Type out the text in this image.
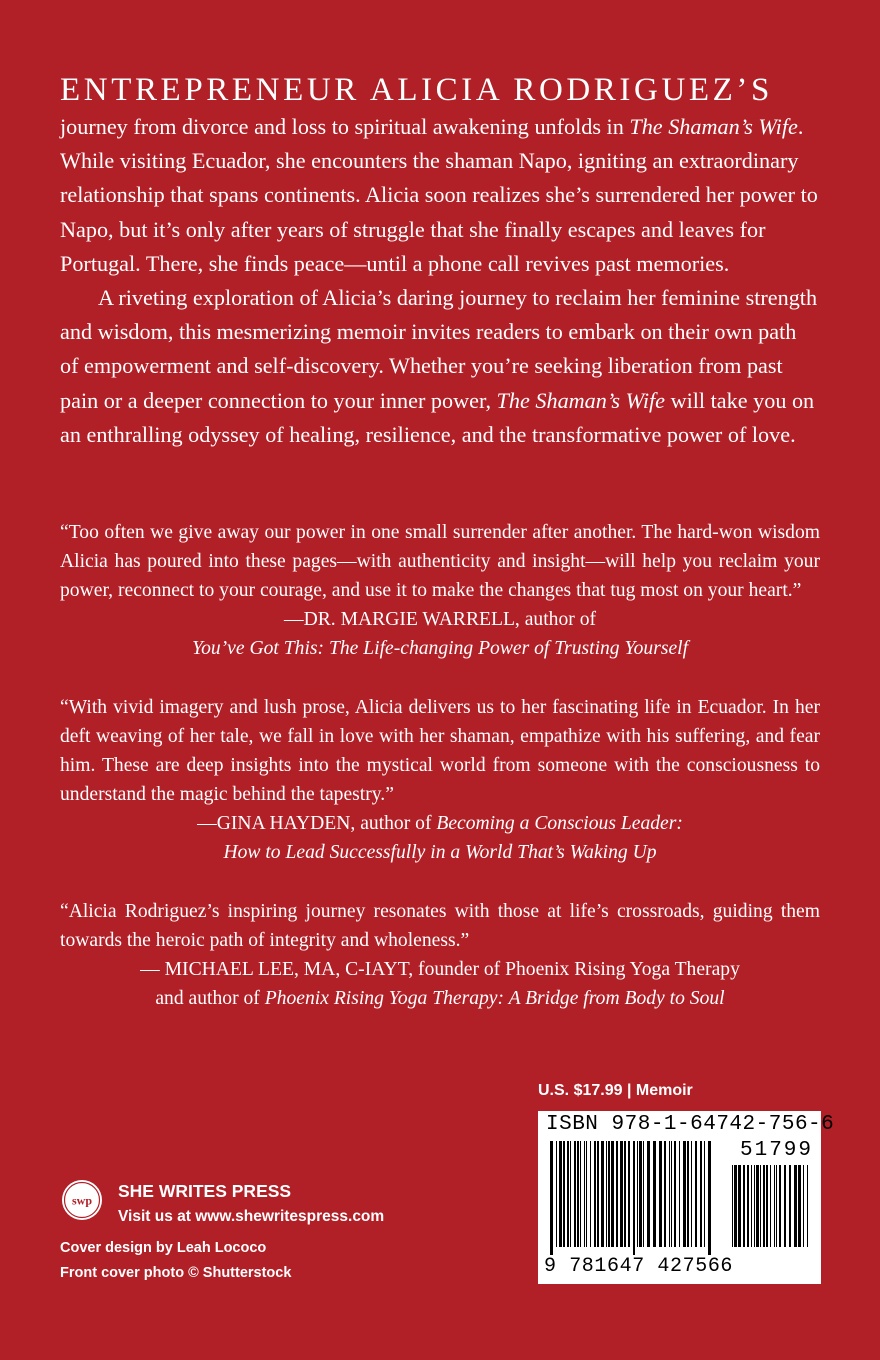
ENTREPRENEUR ALICIA RODRIGUEZ’S

journey from divorce and loss to spiritual awakening unfolds in The Shaman’s Wife. While visiting Ecuador, she encounters the shaman Napo, igniting an extraordinary relationship that spans continents. Alicia soon realizes she’s surrendered her power to Napo, but it’s only after years of struggle that she finally escapes and leaves for Portugal. There, she finds peace—until a phone call revives past memories.

A riveting exploration of Alicia’s daring journey to reclaim her feminine strength and wisdom, this mesmerizing memoir invites readers to embark on their own path of empowerment and self-discovery. Whether you’re seeking liberation from past pain or a deeper connection to your inner power, The Shaman’s Wife will take you on an enthralling odyssey of healing, resilience, and the transformative power of love.

“Too often we give away our power in one small surrender after another. The hard-won wisdom Alicia has poured into these pages—with authenticity and insight—will help you reclaim your power, reconnect to your courage, and use it to make the changes that tug most on your heart.”
—DR. MARGIE WARRELL, author of
You’ve Got This: The Life-changing Power of Trusting Yourself
“With vivid imagery and lush prose, Alicia delivers us to her fascinating life in Ecuador. In her deft weaving of her tale, we fall in love with her shaman, empathize with his suffering, and fear him. These are deep insights into the mystical world from someone with the consciousness to understand the magic behind the tapestry.”
—GINA HAYDEN, author of Becoming a Conscious Leader:
How to Lead Successfully in a World That’s Waking Up
“Alicia Rodriguez’s inspiring journey resonates with those at life’s crossroads, guiding them towards the heroic path of integrity and wholeness.”
— MICHAEL LEE, MA, C-IAYT, founder of Phoenix Rising Yoga Therapy
and author of Phoenix Rising Yoga Therapy: A Bridge from Body to Soul
U.S. $17.99 | Memoir
ISBN 978-1-64742-756-6
51799
9 781647 427566
swp SHE WRITES PRESS
Visit us at www.shewritespress.com
Cover design by Leah Lococo
Front cover photo © Shutterstock
